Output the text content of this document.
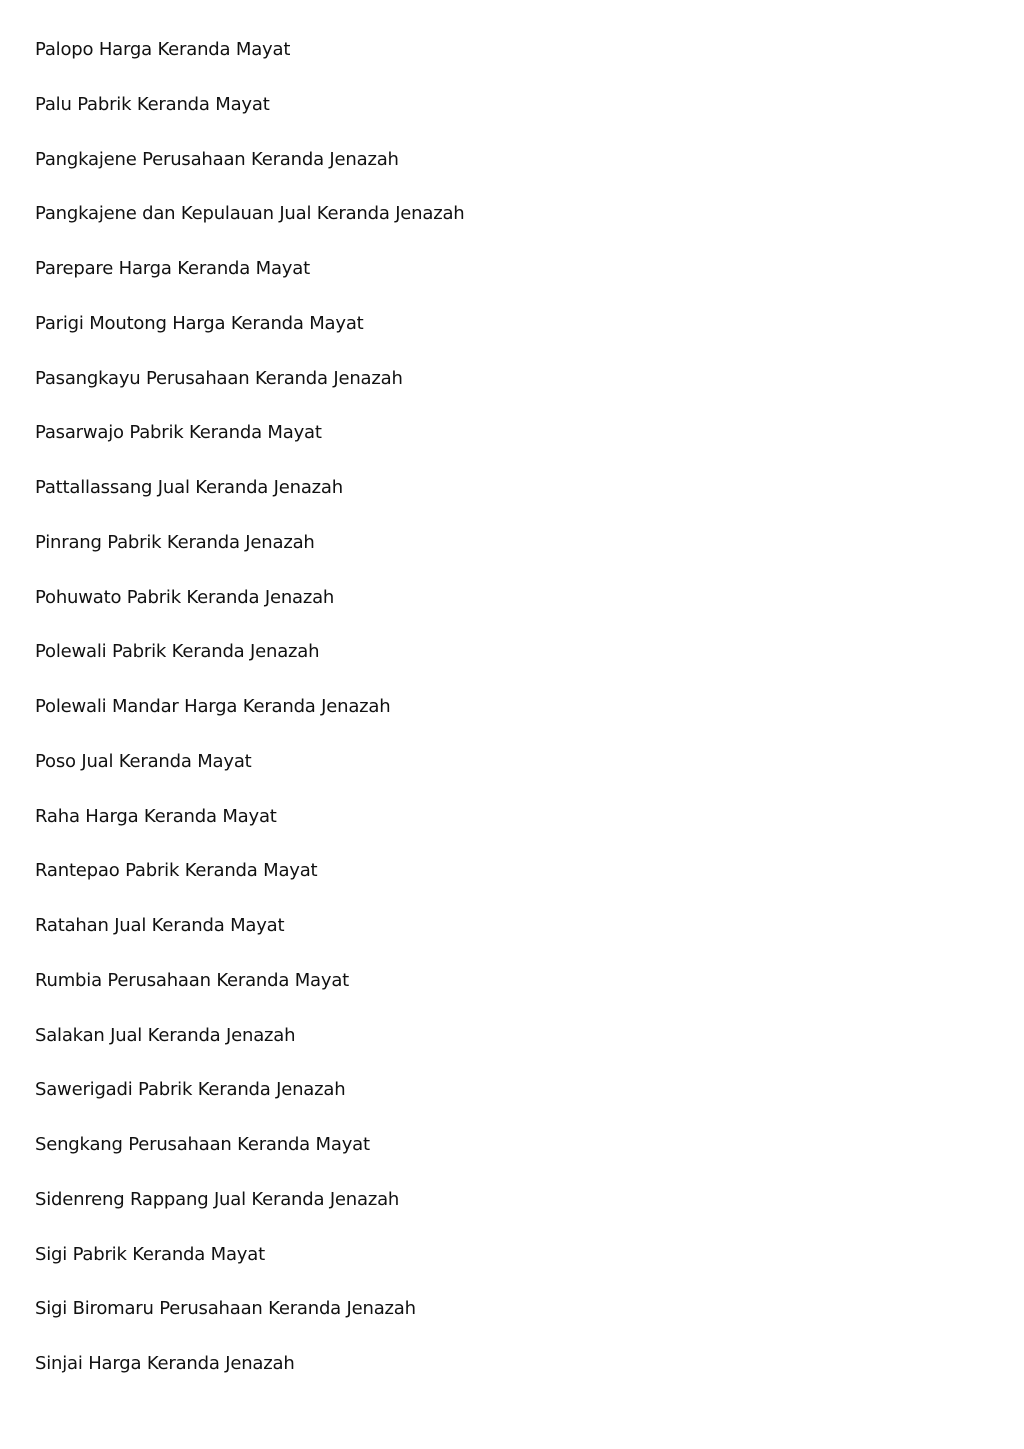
Palopo Harga Keranda Mayat
Palu Pabrik Keranda Mayat
Pangkajene Perusahaan Keranda Jenazah
Pangkajene dan Kepulauan Jual Keranda Jenazah
Parepare Harga Keranda Mayat
Parigi Moutong Harga Keranda Mayat
Pasangkayu Perusahaan Keranda Jenazah
Pasarwajo Pabrik Keranda Mayat
Pattallassang Jual Keranda Jenazah
Pinrang Pabrik Keranda Jenazah
Pohuwato Pabrik Keranda Jenazah
Polewali Pabrik Keranda Jenazah
Polewali Mandar Harga Keranda Jenazah
Poso Jual Keranda Mayat
Raha Harga Keranda Mayat
Rantepao Pabrik Keranda Mayat
Ratahan Jual Keranda Mayat
Rumbia Perusahaan Keranda Mayat
Salakan Jual Keranda Jenazah
Sawerigadi Pabrik Keranda Jenazah
Sengkang Perusahaan Keranda Mayat
Sidenreng Rappang Jual Keranda Jenazah
Sigi Pabrik Keranda Mayat
Sigi Biromaru Perusahaan Keranda Jenazah
Sinjai Harga Keranda Jenazah
